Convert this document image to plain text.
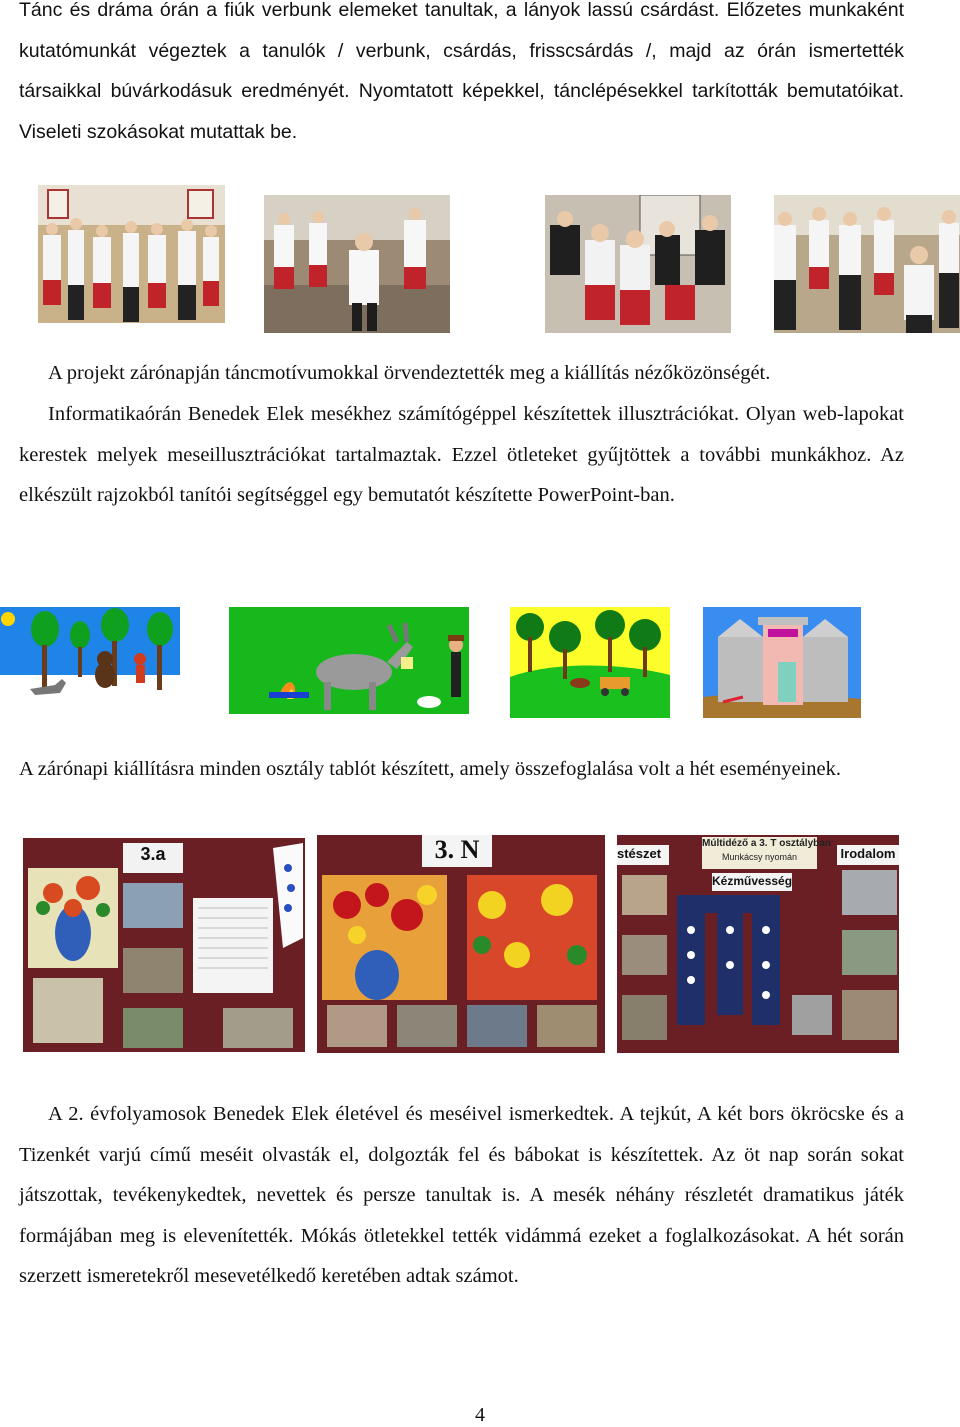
Tánc és dráma órán a fiúk verbunk elemeket tanultak, a lányok lassú csárdást. Előzetes munkaként kutatómunkát végeztek a tanulók / verbunk, csárdás, frisscsárdás /, majd az órán ismertették társaikkal búvárkodásuk eredményét. Nyomtatott képekkel, tánclépésekkel tarkították bemutatóikat. Viseleti szokásokat mutattak be.

A projekt zárónapján táncmotívumokkal örvendeztették meg a kiállítás nézőközönségét.

Informatikaórán Benedek Elek mesékhez számítógéppel készítettek illusztrációkat. Olyan web-lapokat kerestek melyek meseillusztrációkat tartalmaztak. Ezzel ötleteket gyűjtöttek a további munkákhoz. Az elkészült rajzokból tanítói segítséggel egy bemutatót készítette PowerPoint-ban.

A zárónapi kiállításra minden osztály tablót készített, amely összefoglalása volt a hét eseményeinek.

3.a	3. N	stészet
Múltidéző a 3. T osztályban
Munkácsy nyomán
Kézművesség
Irodalom

A 2. évfolyamosok Benedek Elek életével és meséivel ismerkedtek. A tejkút, A két bors ökröcske és a Tizenkét varjú című meséit olvasták el, dolgozták fel és bábokat is készítettek. Az öt nap során sokat játszottak, tevékenykedtek, nevettek és persze tanultak is. A mesék néhány részletét dramatikus játék formájában meg is elevenítették. Mókás ötletekkel tették vidámmá ezeket a foglalkozásokat. A hét során szerzett ismeretekről mesevetélkedő keretében adtak számot.

4
